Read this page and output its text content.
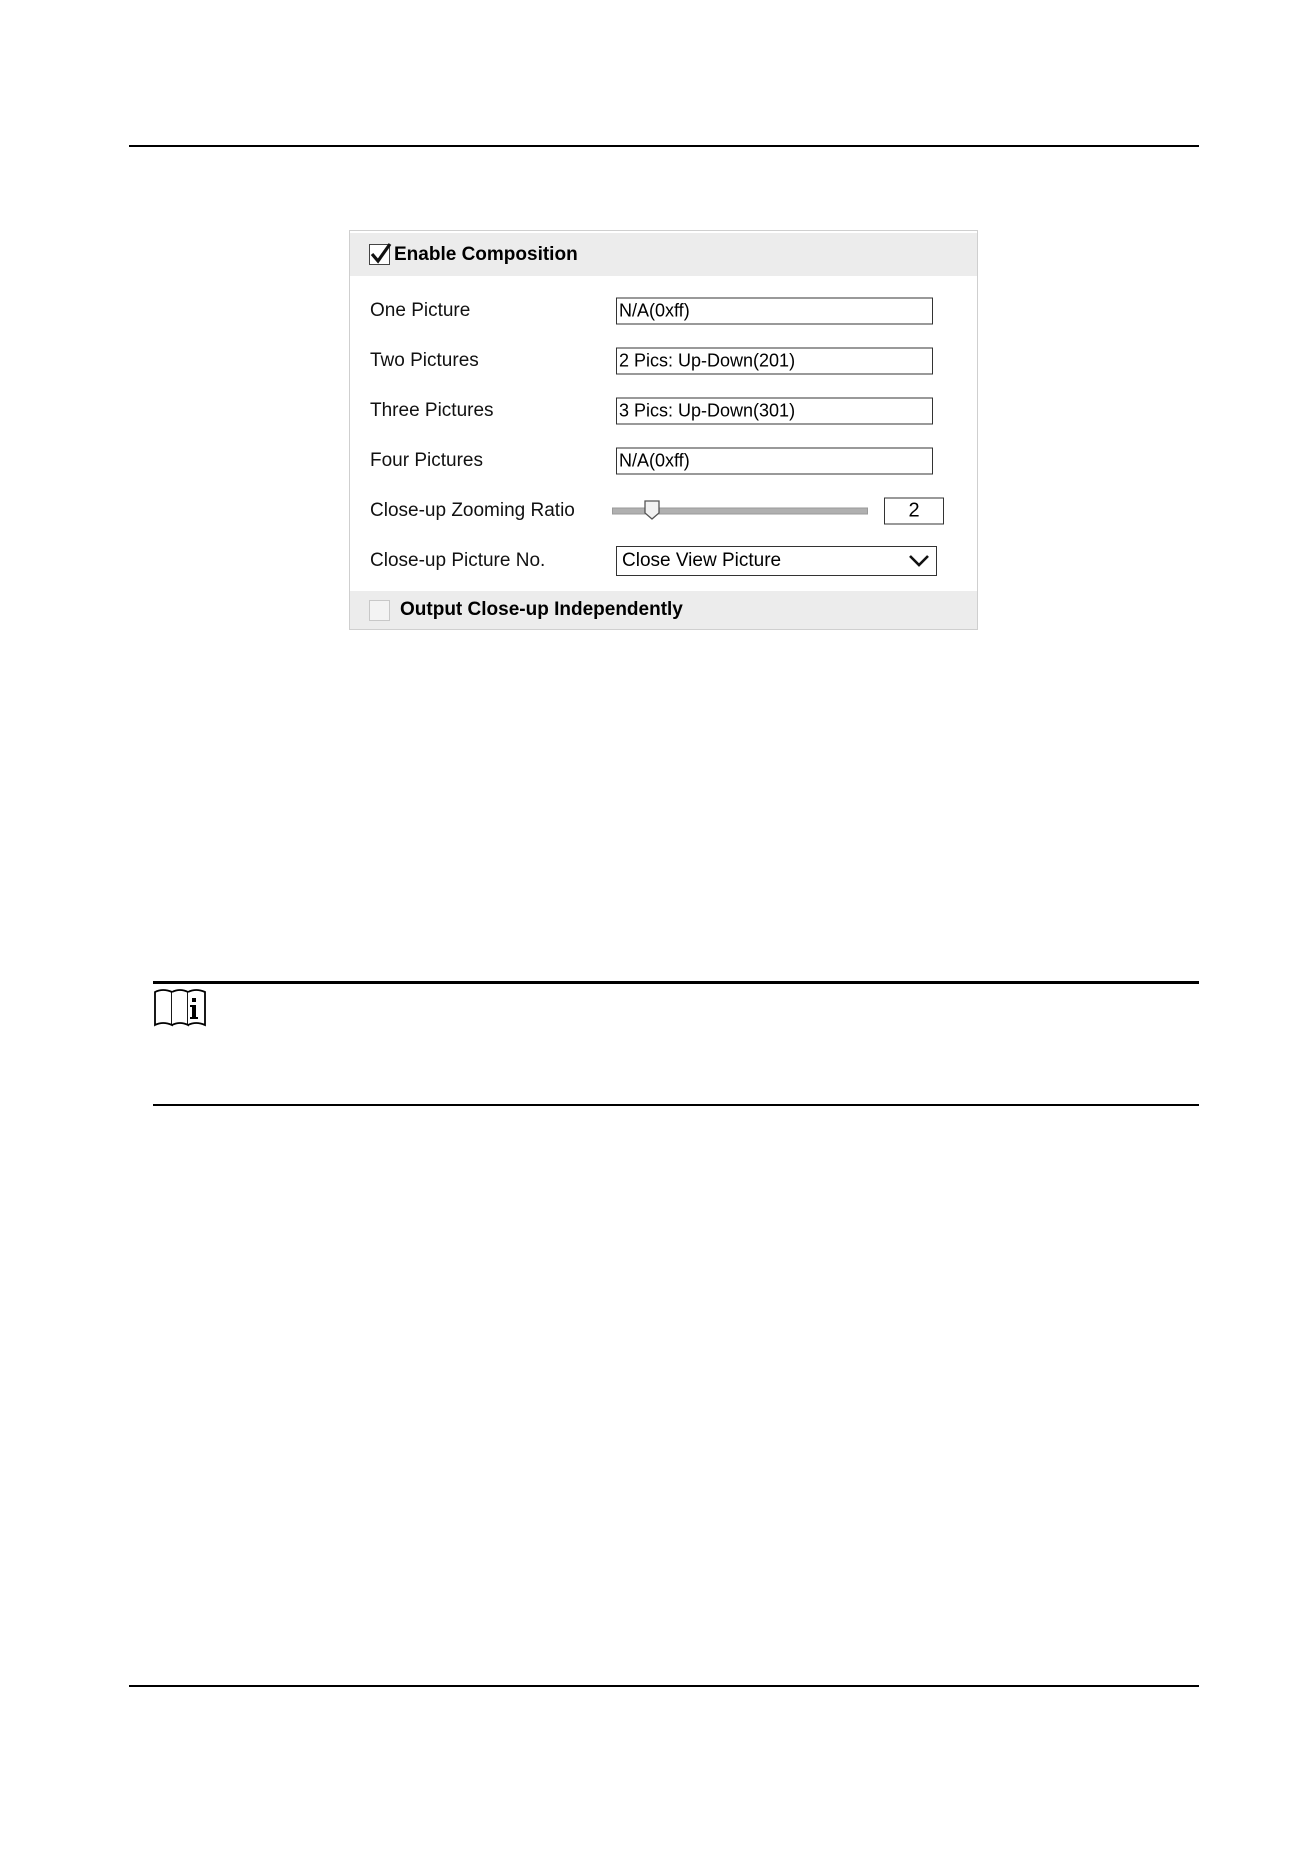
Enable Composition
One Picture	N/A(0xff)
Two Pictures	2 Pics: Up-Down(201)
Three Pictures	3 Pics: Up-Down(301)
Four Pictures	N/A(0xff)
Close-up Zooming Ratio	2
Close-up Picture No.	Close View Picture
Output Close-up Independently
